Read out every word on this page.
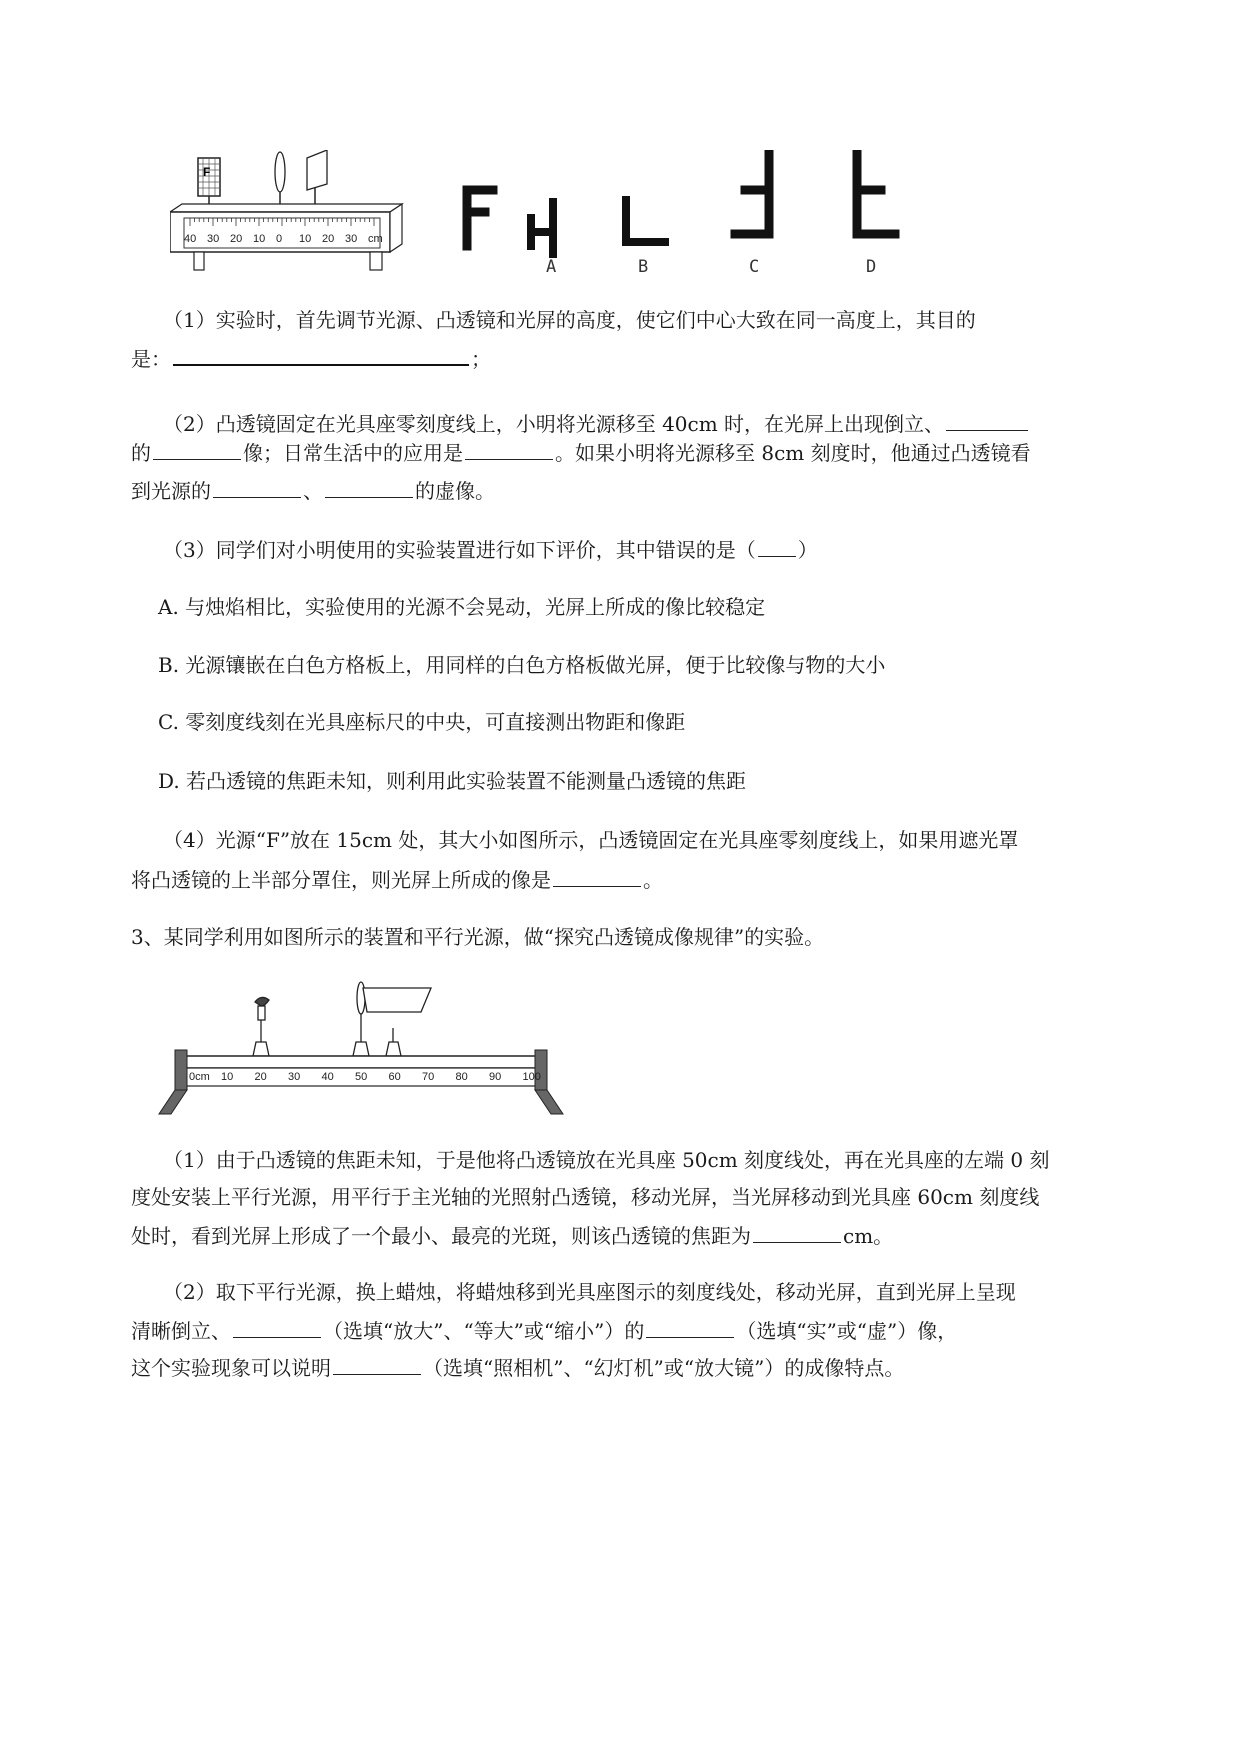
F
40 30 20 10 0 10 20 30 cm
A	B	C	D
（1）实验时，首先调节光源、凸透镜和光屏的高度，使它们中心大致在同一高度上，其目的
是：	；
（2）凸透镜固定在光具座零刻度线上，小明将光源移至 40cm 时，在光屏上出现倒立、
的	像；日常生活中的应用是	。如果小明将光源移至 8cm 刻度时，他通过凸透镜看
到光源的	、	的虚像。
（3）同学们对小明使用的实验装置进行如下评价，其中错误的是（ ）
A. 与烛焰相比，实验使用的光源不会晃动，光屏上所成的像比较稳定
B. 光源镶嵌在白色方格板上，用同样的白色方格板做光屏，便于比较像与物的大小
C. 零刻度线刻在光具座标尺的中央，可直接测出物距和像距
D. 若凸透镜的焦距未知，则利用此实验装置不能测量凸透镜的焦距
（4）光源“F”放在 15cm 处，其大小如图所示，凸透镜固定在光具座零刻度线上，如果用遮光罩
将凸透镜的上半部分罩住，则光屏上所成的像是	。
3、某同学利用如图所示的装置和平行光源，做“探究凸透镜成像规律”的实验。
0cm 10 20 30 40 50 60 70 80 90 100
（1）由于凸透镜的焦距未知，于是他将凸透镜放在光具座 50cm 刻度线处，再在光具座的左端 0 刻
度处安装上平行光源，用平行于主光轴的光照射凸透镜，移动光屏，当光屏移动到光具座 60cm 刻度线
处时，看到光屏上形成了一个最小、最亮的光斑，则该凸透镜的焦距为	cm。
（2）取下平行光源，换上蜡烛，将蜡烛移到光具座图示的刻度线处，移动光屏，直到光屏上呈现
清晰倒立、	（选填“放大”、“等大”或“缩小”）的	（选填“实”或“虚”）像，
这个实验现象可以说明	（选填“照相机”、“幻灯机”或“放大镜”）的成像特点。
